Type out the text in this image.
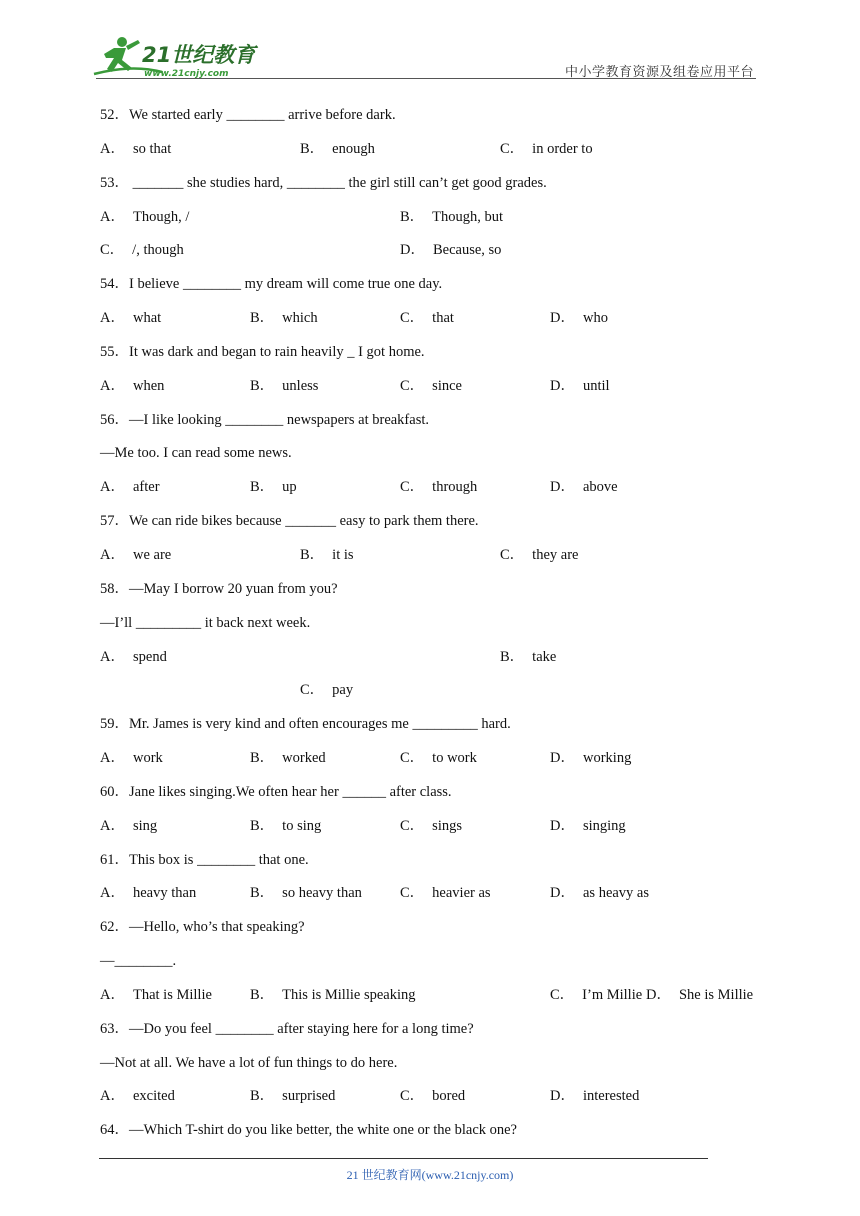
21世纪教育
www.21cnjy.com	中小学教育资源及组卷应用平台
52．We started early ________ arrive before dark.
A． so that	B． enough	C． in order to
53． _______ she studies hard, ________ the girl still can’t get good grades.
A． Though, /	B． Though, but
C． /, though	D． Because, so
54．I believe ________ my dream will come true one day.
A． what	B． which	C． that	D． who
55．It was dark and began to rain heavily _ I got home.
A． when	B． unless	C． since	D． until
56．—I like looking ________ newspapers at breakfast.
—Me too. I can read some news.
A． after	B． up	C． through	D． above
57．We can ride bikes because _______ easy to park them there.
A． we are	B． it is	C． they are
58．—May I borrow 20 yuan from you?
—I’ll _________ it back next week.
A． spend	B． take
C． pay
59．Mr. James is very kind and often encourages me _________ hard.
A． work	B． worked	C． to work	D． working
60．Jane likes singing.We often hear her ______ after class.
A． sing	B． to sing	C． sings	D． singing
61．This box is ________ that one.
A． heavy than	B． so heavy than	C． heavier as	D． as heavy as
62．—Hello, who’s that speaking?
—________.
A． That is Millie	B． This is Millie speaking	C． I’m Millie D． She is Millie
63．—Do you feel ________ after staying here for a long time?
—Not at all. We have a lot of fun things to do here.
A． excited	B． surprised	C． bored	D． interested
64．—Which T-shirt do you like better, the white one or the black one?
21 世纪教育网(www.21cnjy.com)
